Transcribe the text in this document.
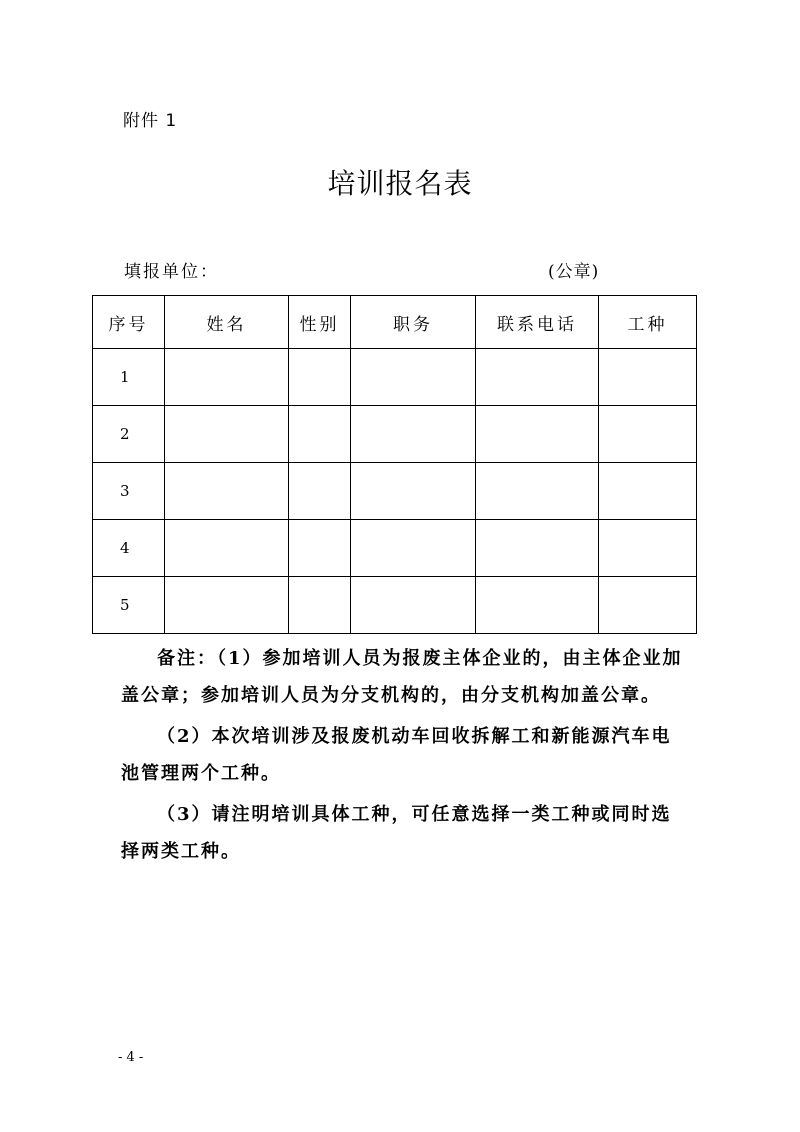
附件 1
培训报名表
填报单位：	(公章)
序号	姓名	性别	职务	联系电话	工种
1					
2					
3					
4					
5					

备注：（1）参加培训人员为报废主体企业的，由主体企业加盖公章；参加培训人员为分支机构的，由分支机构加盖公章。

（2）本次培训涉及报废机动车回收拆解工和新能源汽车电池管理两个工种。

（3）请注明培训具体工种，可任意选择一类工种或同时选择两类工种。

- 4 -
